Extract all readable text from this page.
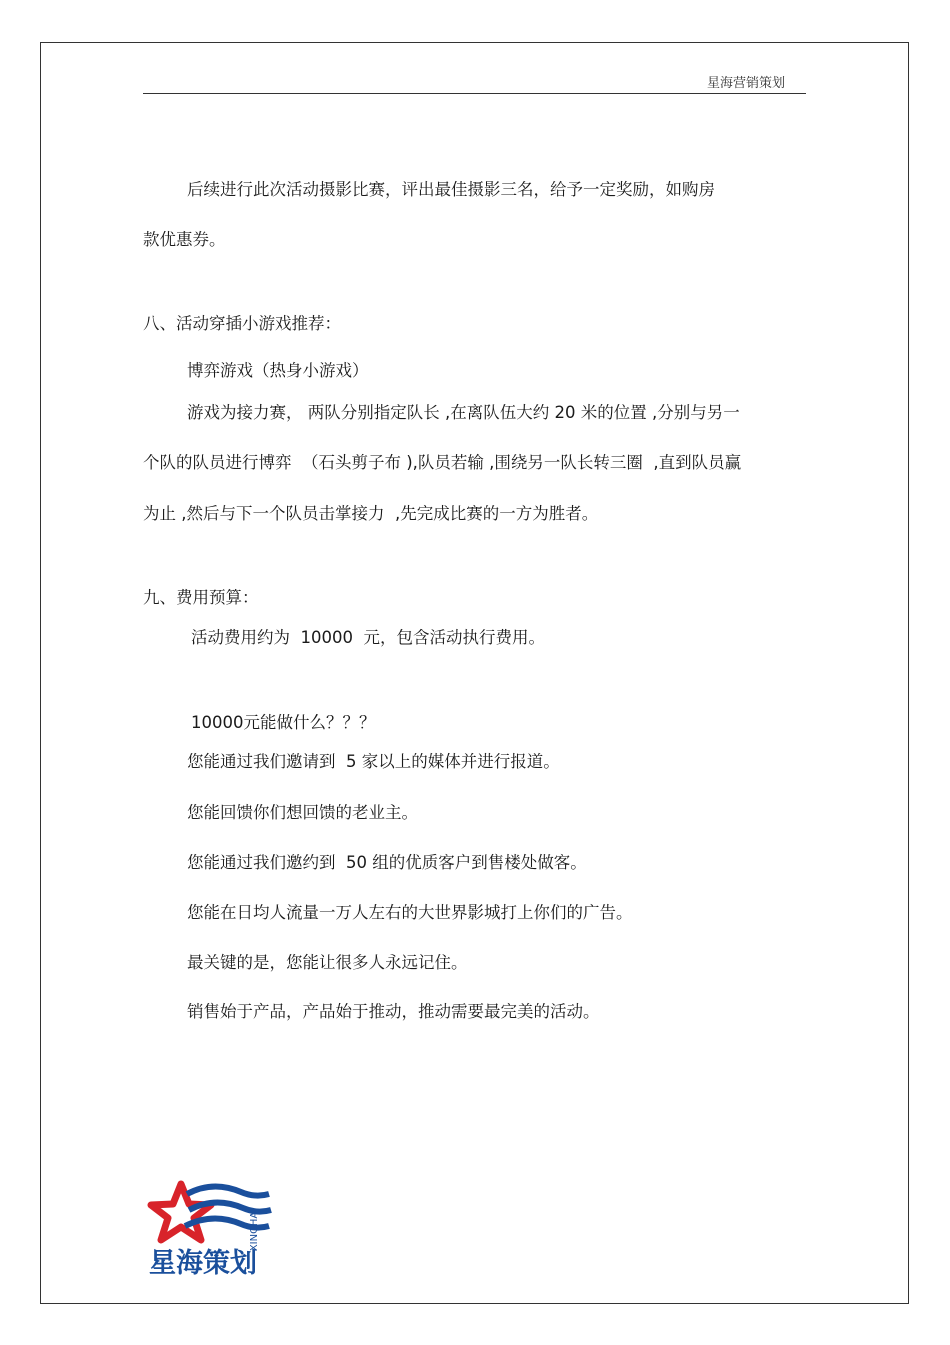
星海营销策划
后续进行此次活动摄影比赛，评出最佳摄影三名，给予一定奖励，如购房
款优惠券。
八、活动穿插小游戏推荐：
博弈游戏（热身小游戏）
游戏为接力赛， 两队分别指定队长 ,在离队伍大约 20 米的位置 ,分别与另一
个队的队员进行博弈  （石头剪子布 ),队员若输 ,围绕另一队长转三圈  ,直到队员赢
为止 ,然后与下一个队员击掌接力  ,先完成比赛的一方为胜者。
九、费用预算：
活动费用约为  10000  元，包含活动执行费用。
10000元能做什么？？？
您能通过我们邀请到  5 家以上的媒体并进行报道。
您能回馈你们想回馈的老业主。
您能通过我们邀约到  50 组的优质客户到售楼处做客。
您能在日均人流量一万人左右的大世界影城打上你们的广告。
最关键的是，您能让很多人永远记住。
销售始于产品，产品始于推动，推动需要最完美的活动。
XINGHAI
星海策划
